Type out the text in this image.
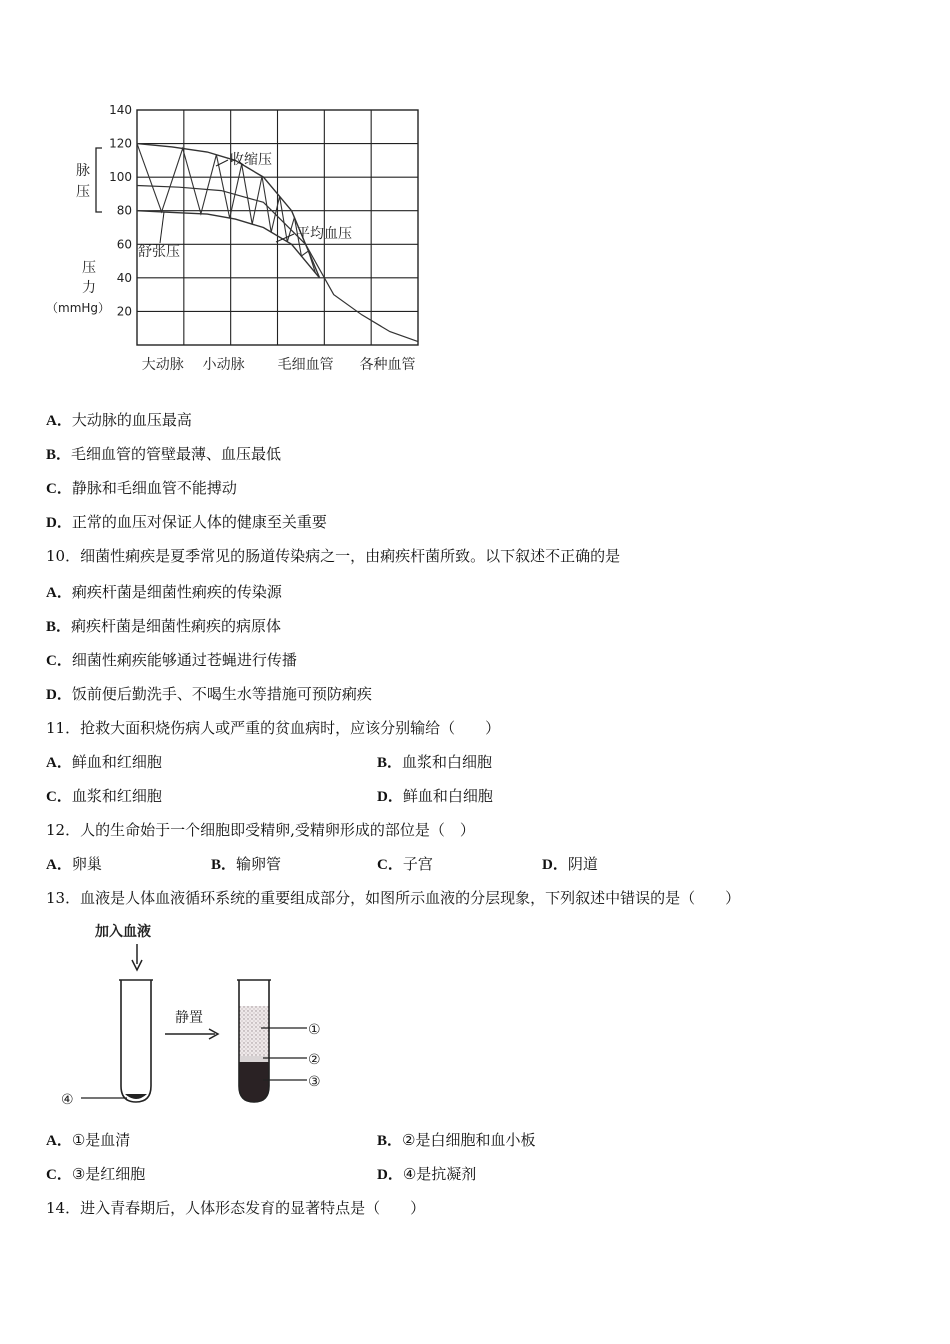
20
40
60
80
100
120
140
大动脉 小动脉 毛细血管 各种血管
压
力
（mmHg）
脉
压
收缩压
舒张压
平均血压
A．大动脉的血压最高
B．毛细血管的管壁最薄、血压最低
C．静脉和毛细血管不能搏动
D．正常的血压对保证人体的健康至关重要
10．细菌性痢疾是夏季常见的肠道传染病之一，由痢疾杆菌所致。以下叙述不正确的是
A．痢疾杆菌是细菌性痢疾的传染源
B．痢疾杆菌是细菌性痢疾的病原体
C．细菌性痢疾能够通过苍蝇进行传播
D．饭前便后勤洗手、不喝生水等措施可预防痢疾
11．抢救大面积烧伤病人或严重的贫血病时，应该分别输给（　　）
A．鲜血和红细胞	B．血浆和白细胞
C．血浆和红细胞	D．鲜血和白细胞
12．人的生命始于一个细胞即受精卵,受精卵形成的部位是（　）
A．卵巢	B．输卵管	C．子宫	D．阴道
13．血液是人体血液循环系统的重要组成部分，如图所示血液的分层现象，下列叙述中错误的是（　　）
加入血液
④
静置
①
②
③
A．①是血清	B．②是白细胞和血小板
C．③是红细胞	D．④是抗凝剂
14．进入青春期后，人体形态发育的显著特点是（　　）
